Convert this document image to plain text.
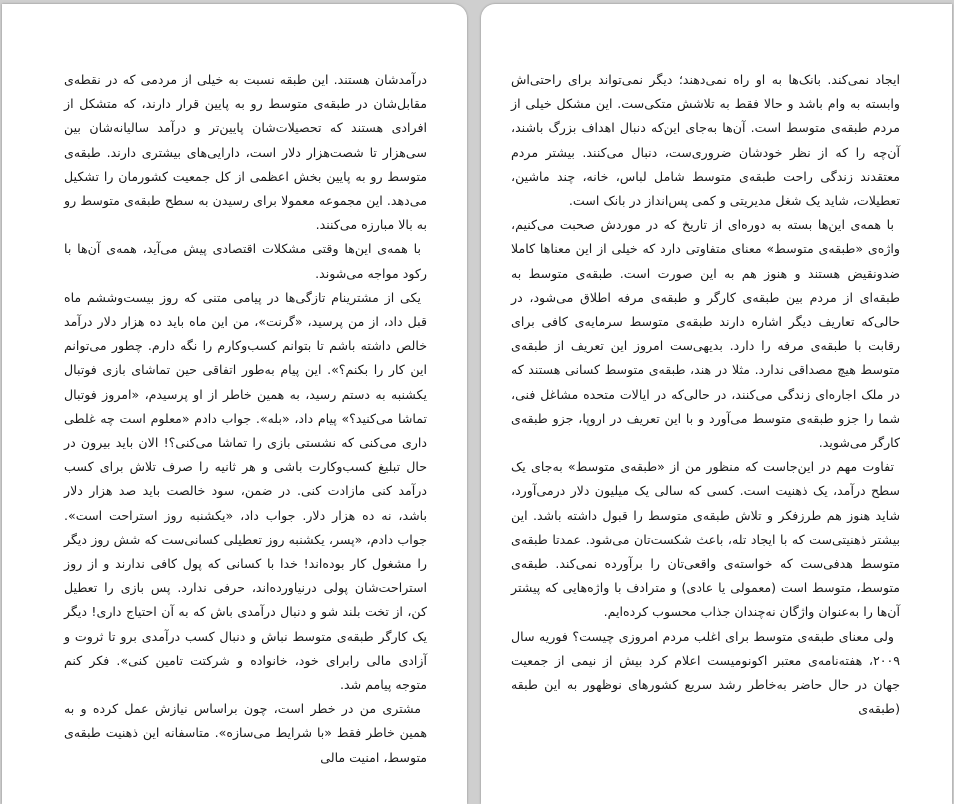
درآمدشان هستند. این طبقه نسبت به خیلی از مردمی که در نقطه‌ی مقابل‌شان در طبقه‌ی متوسط رو به پایین قرار دارند، که متشکل از افرادی هستند که تحصیلات‌شان پایین‌تر و درآمد سالیانه‌شان بین سی‌هزار تا شصت‌هزار دلار است، دارایی‌های بیشتری دارند. طبقه‌ی متوسط رو به پایین بخش اعظمی از کل جمعیت کشورمان را تشکیل می‌دهد. این مجموعه معمولا برای رسیدن به سطح طبقه‌ی متوسط رو به بالا مبارزه می‌کنند.

با همه‌ی این‌ها وقتی مشکلات اقتصادی پیش می‌آید، همه‌ی آن‌ها با رکود مواجه می‌شوند.

یکی از مشترینام تازگی‌ها در پیامی متنی که روز بیست‌وششم ماه قبل داد، از من پرسید، «گرنت»، من این ماه باید ده هزار دلار درآمد خالص داشته باشم تا بتوانم کسب‌وکارم را نگه دارم. چطور می‌توانم این کار را بکنم؟». این پیام به‌طور اتفاقی حین تماشای بازی فوتبال یکشنبه به دستم رسید، به همین خاطر از او پرسیدم، «امروز فوتبال تماشا می‌کنید؟» پیام داد، «بله». جواب دادم «معلوم است چه غلطی داری می‌کنی که نشستی بازی را تماشا می‌کنی؟! الان باید بیرون در حال تبلیغ کسب‌وکارت باشی و هر ثانیه را صرف تلاش برای کسب درآمد کنی مازادت کنی. در ضمن، سود خالصت باید صد هزار دلار باشد، نه ده هزار دلار. جواب داد، «یکشنبه روز استراحت است». جواب دادم، «پسر، یکشنبه روز تعطیلی کسانی‌ست که شش روز دیگر را مشغول کار بوده‌اند! خدا با کسانی که پول کافی ندارند و از روز استراحت‌شان پولی درنیاورده‌اند، حرفی ندارد. پس بازی را تعطیل کن، از تخت بلند شو و دنبال درآمدی باش که به آن احتیاج داری! دیگر یک کارگر طبقه‌ی متوسط نباش و دنبال کسب درآمدی برو تا ثروت و آزادی مالی رابرای خود، خانواده و شرکتت تامین کنی». فکر کنم متوجه پیامم شد.

مشتری من در خطر است، چون براساس نیازش عمل کرده و به همین خاطر فقط «با شرایط می‌سازه». متاسفانه این ذهنیت طبقه‌ی متوسط، امنیت مالی

ایجاد نمی‌کند. بانک‌ها به او راه نمی‌دهند؛ دیگر نمی‌تواند برای راحتی‌اش وابسته به وام باشد و حالا فقط به تلاشش متکی‌ست. این مشکل خیلی از مردم طبقه‌ی متوسط است. آن‌ها به‌جای این‌که دنبال اهداف بزرگ باشند، آن‌چه را که از نظر خودشان ضروری‌ست، دنبال می‌کنند. بیشتر مردم معتقدند زندگی راحت طبقه‌ی متوسط شامل لباس، خانه، چند ماشین، تعطیلات، شاید یک شغل مدیریتی و کمی پس‌انداز در بانک است.

با همه‌ی این‌ها بسته به دوره‌ای از تاریخ که در موردش صحبت می‌کنیم، واژه‌ی «طبقه‌ی متوسط» معنای متفاوتی دارد که خیلی از این معناها کاملا ضدونقیض هستند و هنوز هم به این صورت است. طبقه‌ی متوسط به طبقه‌ای از مردم بین طبقه‌ی کارگر و طبقه‌ی مرفه اطلاق می‌شود، در حالی‌که تعاریف دیگر اشاره دارند طبقه‌ی متوسط سرمایه‌ی کافی برای رقابت با طبقه‌ی مرفه را دارد. بدیهی‌ست امروز این تعریف از طبقه‌ی متوسط هیچ مصداقی ندارد. مثلا در هند، طبقه‌ی متوسط کسانی هستند که در ملک اجاره‌ای زندگی می‌کنند، در حالی‌که در ایالات متحده مشاغل فنی، شما را جزو طبقه‌ی متوسط می‌آورد و با این تعریف در اروپا، جزو طبقه‌ی کارگر می‌شوید.

تفاوت مهم در این‌جاست که منظور من از «طبقه‌ی متوسط» به‌جای یک سطح درآمد، یک ذهنیت است. کسی که سالی یک میلیون دلار درمی‌آورد، شاید هنوز هم طرزفکر و تلاش طبقه‌ی متوسط را قبول داشته باشد. این بیشتر ذهنیتی‌ست که با ایجاد تله، باعث شکست‌تان می‌شود. عمدتا طبقه‌ی متوسط هدفی‌ست که خواسته‌ی واقعی‌تان را برآورده نمی‌کند. طبقه‌ی متوسط، متوسط است (معمولی یا عادی) و مترادف با واژه‌هایی که پیشتر آن‌ها را به‌عنوان واژگان نه‌چندان جذاب محسوب کرده‌ایم.

ولی معنای طبقه‌ی متوسط برای اغلب مردم امروزی چیست؟ فوریه سال ۲۰۰۹، هفته‌نامه‌ی معتبر اکونومیست اعلام کرد بیش از نیمی از جمعیت جهان در حال حاضر به‌خاطر رشد سریع کشورهای نوظهور به این طبقه (طبقه‌ی
